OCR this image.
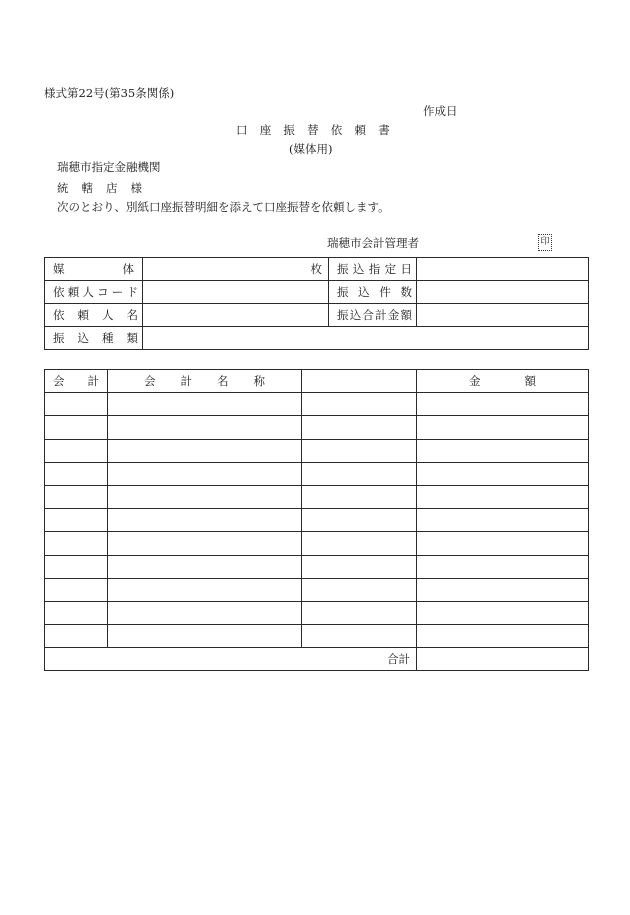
様式第22号(第35条関係)
作成日
口座振替依頼書
(媒体用)
瑞穂市指定金融機関
統轄店様
次のとおり、別紙口座振替明細を添えて口座振替を依頼します。
瑞穂市会計管理者	印
媒体	枚	振込指定日	

依頼人コード		振込件数	

依頼人名		振込合計金額	

振込種類			

会計	会計名称		金額

合計			
